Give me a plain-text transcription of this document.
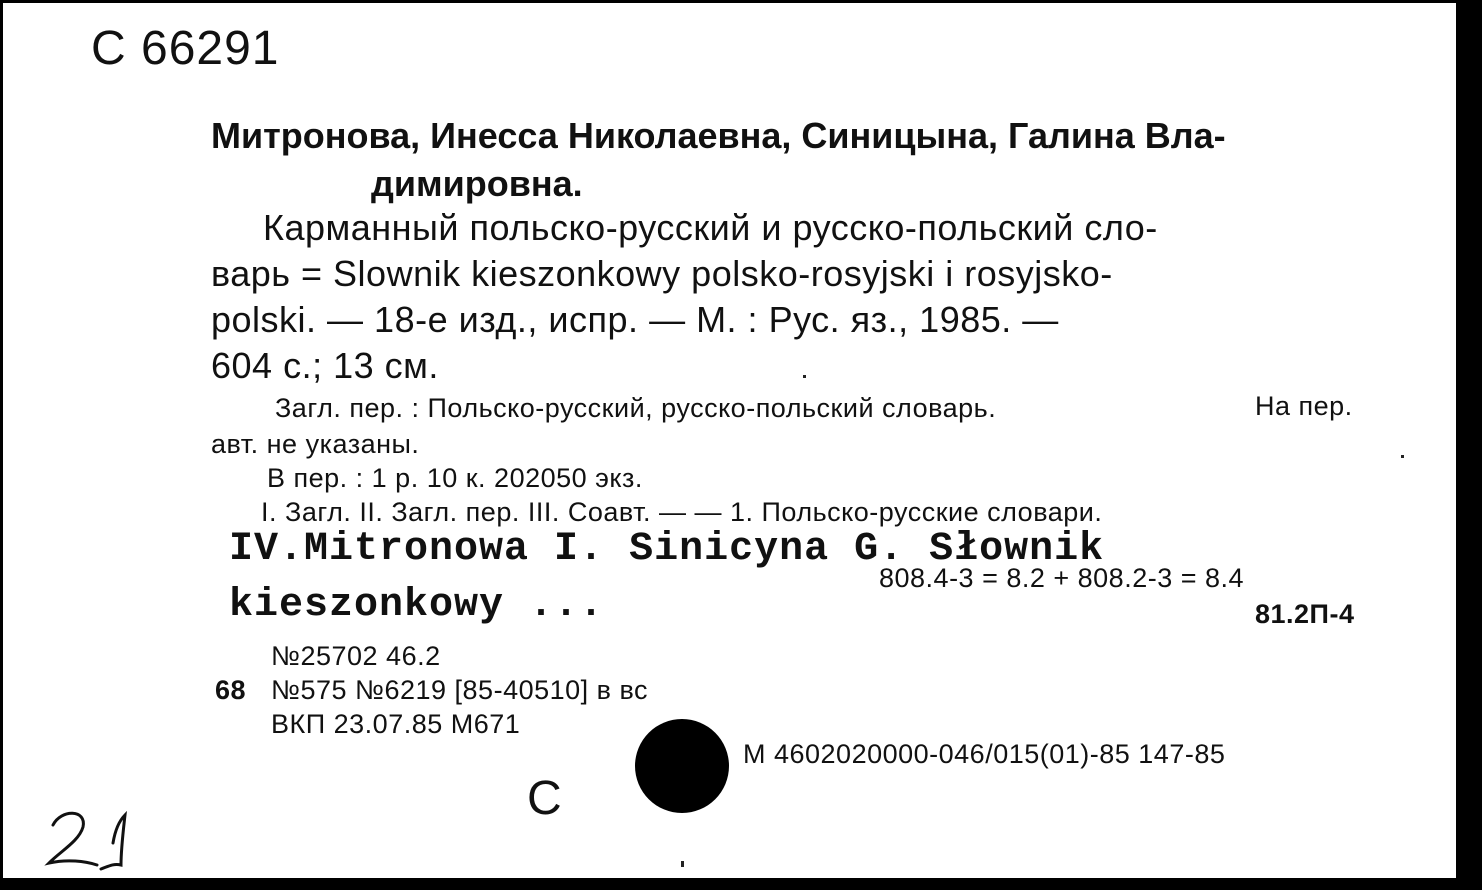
С 66291
Митронова, Инесса Николаевна, Синицына, Галина Вла-
димировна.
Карманный польско-русский и русско-польский сло-
варь = Slownik kieszonkowy polsko-rosyjski i rosyjsko-
polski. — 18-е изд., испр. — М. : Рус. яз., 1985. —
604 с.; 13 см.
Загл. пер. : Польско-русский, русско-польский словарь.	На пер.
авт. не указаны.
В пер. : 1 р. 10 к. 202050 экз.
I. Загл. II. Загл. пер. III. Соавт. — — 1. Польско-русские словари.
IV.Mitronowa I. Sinicyna G. Słownik
kieszonkowy ...
808.4-3 = 8.2 + 808.2-3 = 8.4
81.2П-4
№25702 46.2
68 №575 №6219 [85-40510] в вс
ВКП 23.07.85 М671
М 4602020000-046/015(01)-85 147-85
С
